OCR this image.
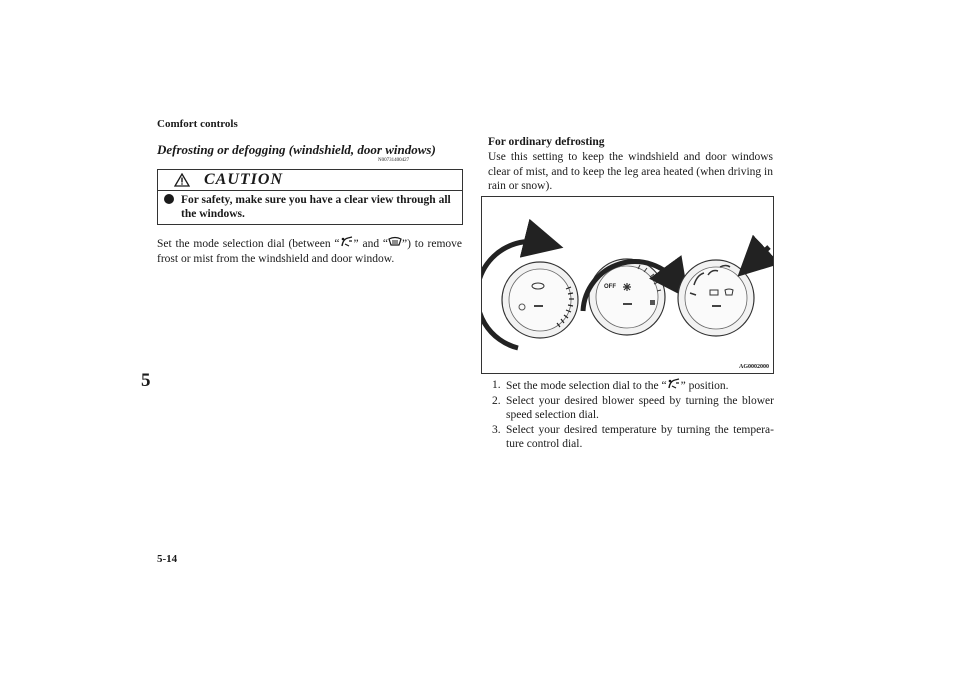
Comfort controls
5
5-14
Defrosting or defogging (windshield, door windows)
N00731400427
CAUTION
For safety, make sure you have a clear view through all the windows.
Set the mode selection dial (between “ ” and “ ”) to remove frost or mist from the windshield and door window.
For ordinary defrosting
Use this setting to keep the windshield and door windows clear of mist, and to keep the leg area heated (when driving in rain or snow).
OFF
AG0002000
1. Set the mode selection dial to the “ ” position.
2. Select your desired blower speed by turning the blower speed selection dial.
3. Select your desired temperature by turning the tempera-ture control dial.
